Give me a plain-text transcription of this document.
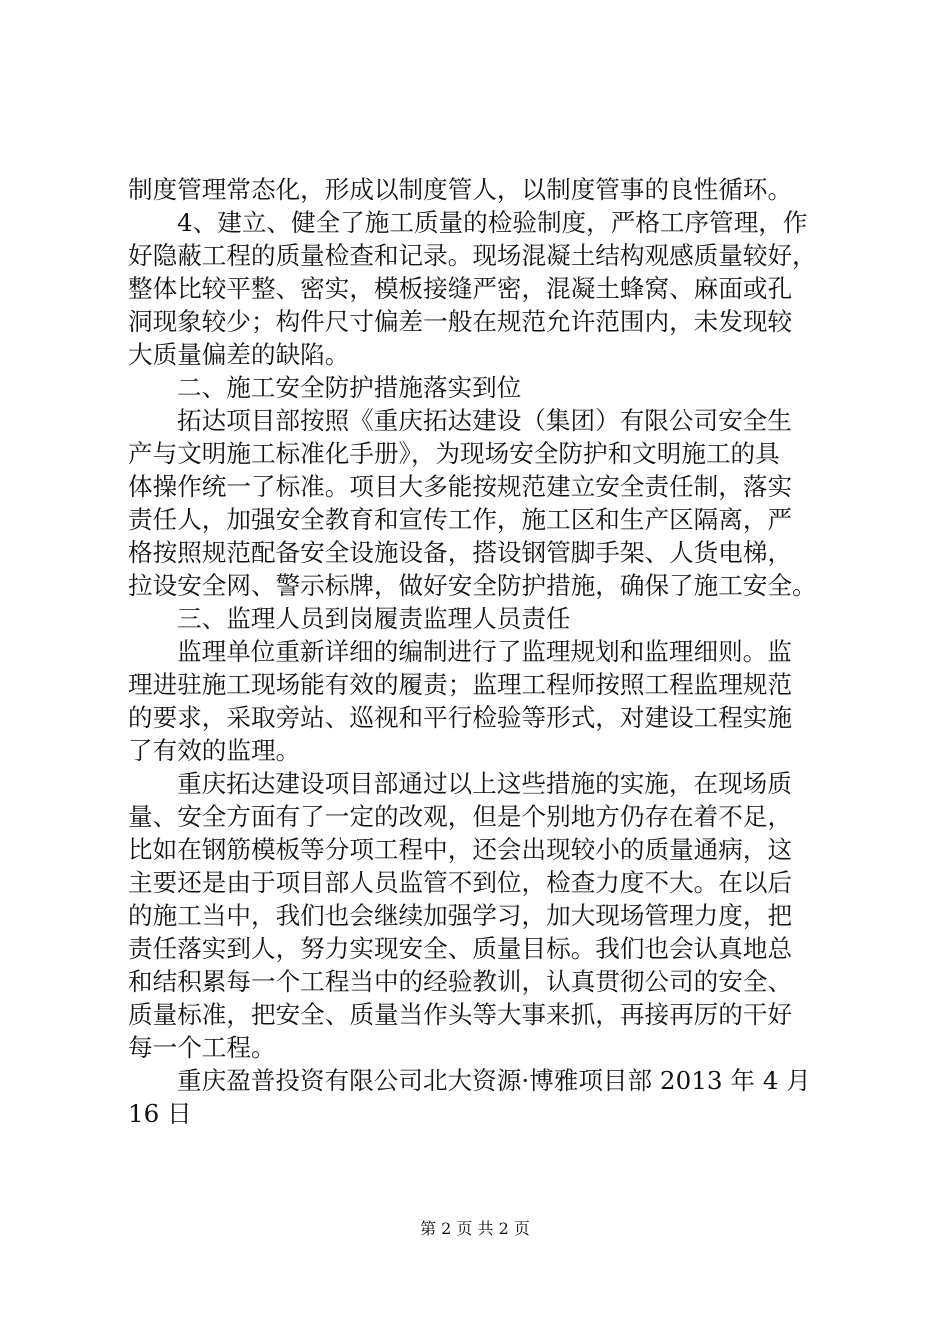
制度管理常态化，形成以制度管人，以制度管事的良性循环。
4、建立、健全了施工质量的检验制度，严格工序管理，作
好隐蔽工程的质量检查和记录。现场混凝土结构观感质量较好，
整体比较平整、密实，模板接缝严密，混凝土蜂窝、麻面或孔
洞现象较少；构件尺寸偏差一般在规范允许范围内，未发现较
大质量偏差的缺陷。
二、施工安全防护措施落实到位
拓达项目部按照《重庆拓达建设（集团）有限公司安全生
产与文明施工标准化手册》，为现场安全防护和文明施工的具
体操作统一了标准。项目大多能按规范建立安全责任制，落实
责任人，加强安全教育和宣传工作，施工区和生产区隔离，严
格按照规范配备安全设施设备，搭设钢管脚手架、人货电梯，
拉设安全网、警示标牌，做好安全防护措施，确保了施工安全。
三、监理人员到岗履责监理人员责任
监理单位重新详细的编制进行了监理规划和监理细则。监
理进驻施工现场能有效的履责；监理工程师按照工程监理规范
的要求，采取旁站、巡视和平行检验等形式，对建设工程实施
了有效的监理。
重庆拓达建设项目部通过以上这些措施的实施，在现场质
量、安全方面有了一定的改观，但是个别地方仍存在着不足，
比如在钢筋模板等分项工程中，还会出现较小的质量通病，这
主要还是由于项目部人员监管不到位，检查力度不大。在以后
的施工当中，我们也会继续加强学习，加大现场管理力度，把
责任落实到人，努力实现安全、质量目标。我们也会认真地总
和结积累每一个工程当中的经验教训，认真贯彻公司的安全、
质量标准，把安全、质量当作头等大事来抓，再接再厉的干好
每一个工程。
重庆盈普投资有限公司北大资源·博雅项目部 2013 年 4 月
16 日
第 2 页 共 2 页
